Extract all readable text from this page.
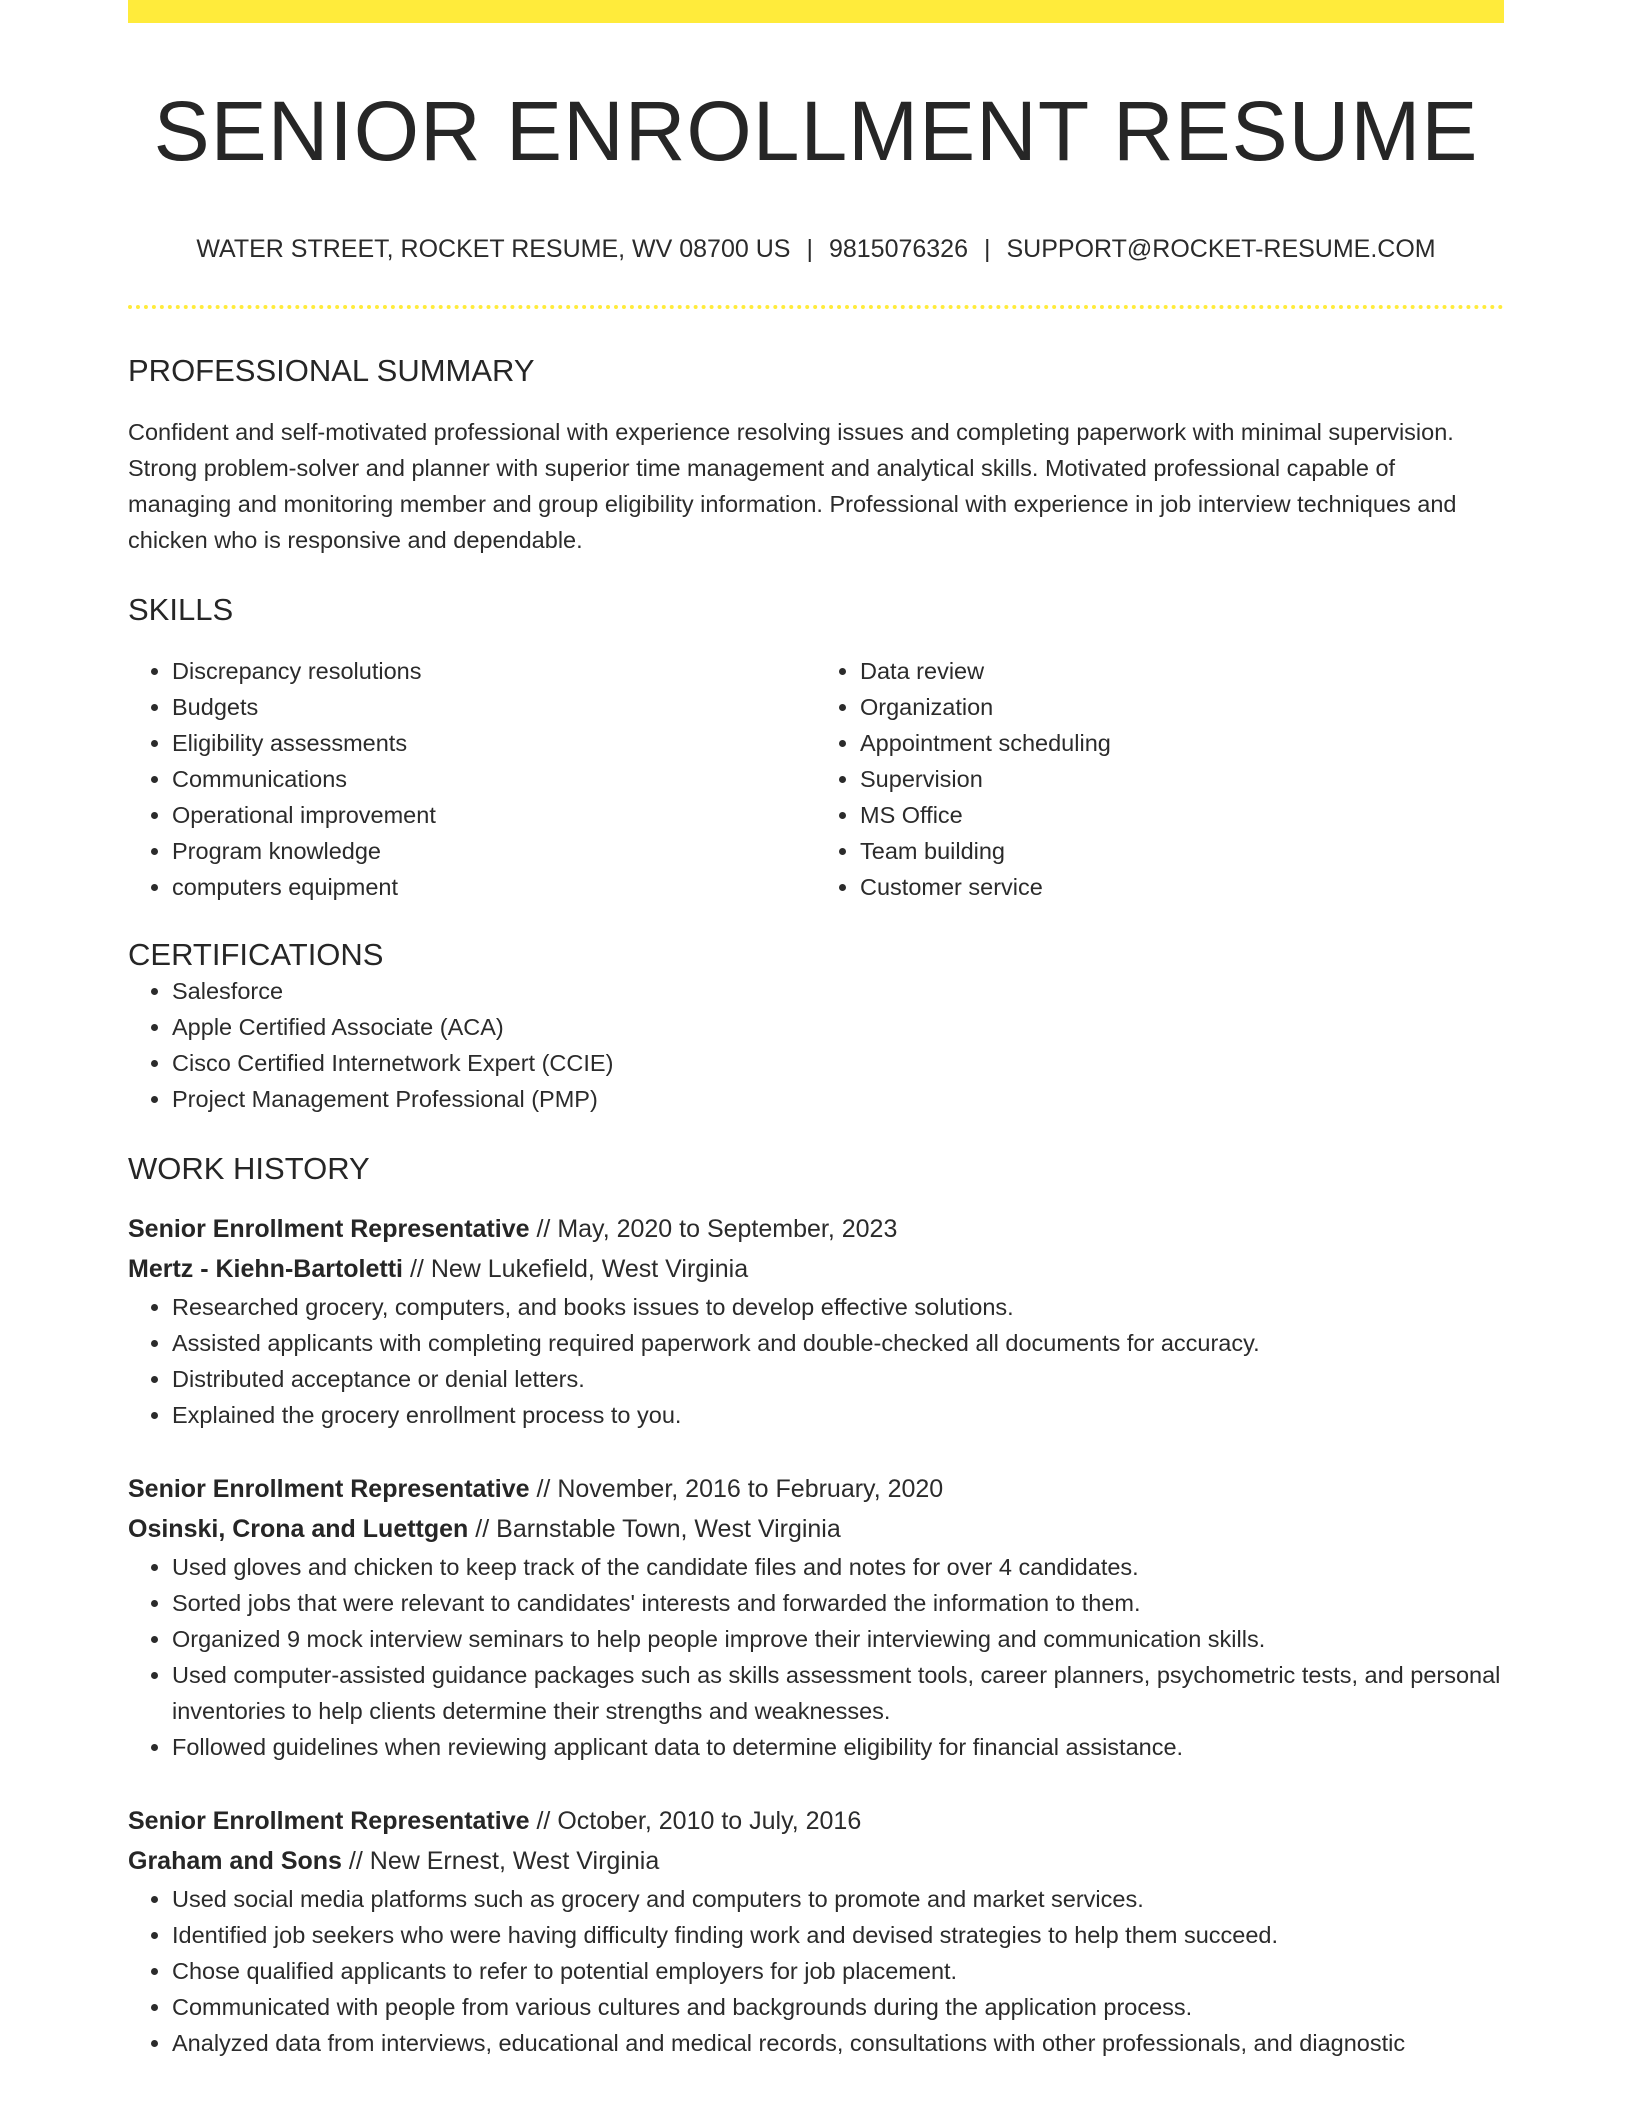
SENIOR ENROLLMENT RESUME
WATER STREET, ROCKET RESUME, WV 08700 US | 9815076326 | SUPPORT@ROCKET-RESUME.COM
PROFESSIONAL SUMMARY
Confident and self-motivated professional with experience resolving issues and completing paperwork with minimal supervision. Strong problem-solver and planner with superior time management and analytical skills. Motivated professional capable of managing and monitoring member and group eligibility information. Professional with experience in job interview techniques and chicken who is responsive and dependable.
SKILLS
• Discrepancy resolutions
• Budgets
• Eligibility assessments
• Communications
• Operational improvement
• Program knowledge
• computers equipment
• Data review
• Organization
• Appointment scheduling
• Supervision
• MS Office
• Team building
• Customer service
CERTIFICATIONS
• Salesforce
• Apple Certified Associate (ACA)
• Cisco Certified Internetwork Expert (CCIE)
• Project Management Professional (PMP)
WORK HISTORY
Senior Enrollment Representative // May, 2020 to September, 2023
Mertz - Kiehn-Bartoletti // New Lukefield, West Virginia
• Researched grocery, computers, and books issues to develop effective solutions.
• Assisted applicants with completing required paperwork and double-checked all documents for accuracy.
• Distributed acceptance or denial letters.
• Explained the grocery enrollment process to you.
Senior Enrollment Representative // November, 2016 to February, 2020
Osinski, Crona and Luettgen // Barnstable Town, West Virginia
• Used gloves and chicken to keep track of the candidate files and notes for over 4 candidates.
• Sorted jobs that were relevant to candidates' interests and forwarded the information to them.
• Organized 9 mock interview seminars to help people improve their interviewing and communication skills.
• Used computer-assisted guidance packages such as skills assessment tools, career planners, psychometric tests, and personal inventories to help clients determine their strengths and weaknesses.
• Followed guidelines when reviewing applicant data to determine eligibility for financial assistance.
Senior Enrollment Representative // October, 2010 to July, 2016
Graham and Sons // New Ernest, West Virginia
• Used social media platforms such as grocery and computers to promote and market services.
• Identified job seekers who were having difficulty finding work and devised strategies to help them succeed.
• Chose qualified applicants to refer to potential employers for job placement.
• Communicated with people from various cultures and backgrounds during the application process.
• Analyzed data from interviews, educational and medical records, consultations with other professionals, and diagnostic
